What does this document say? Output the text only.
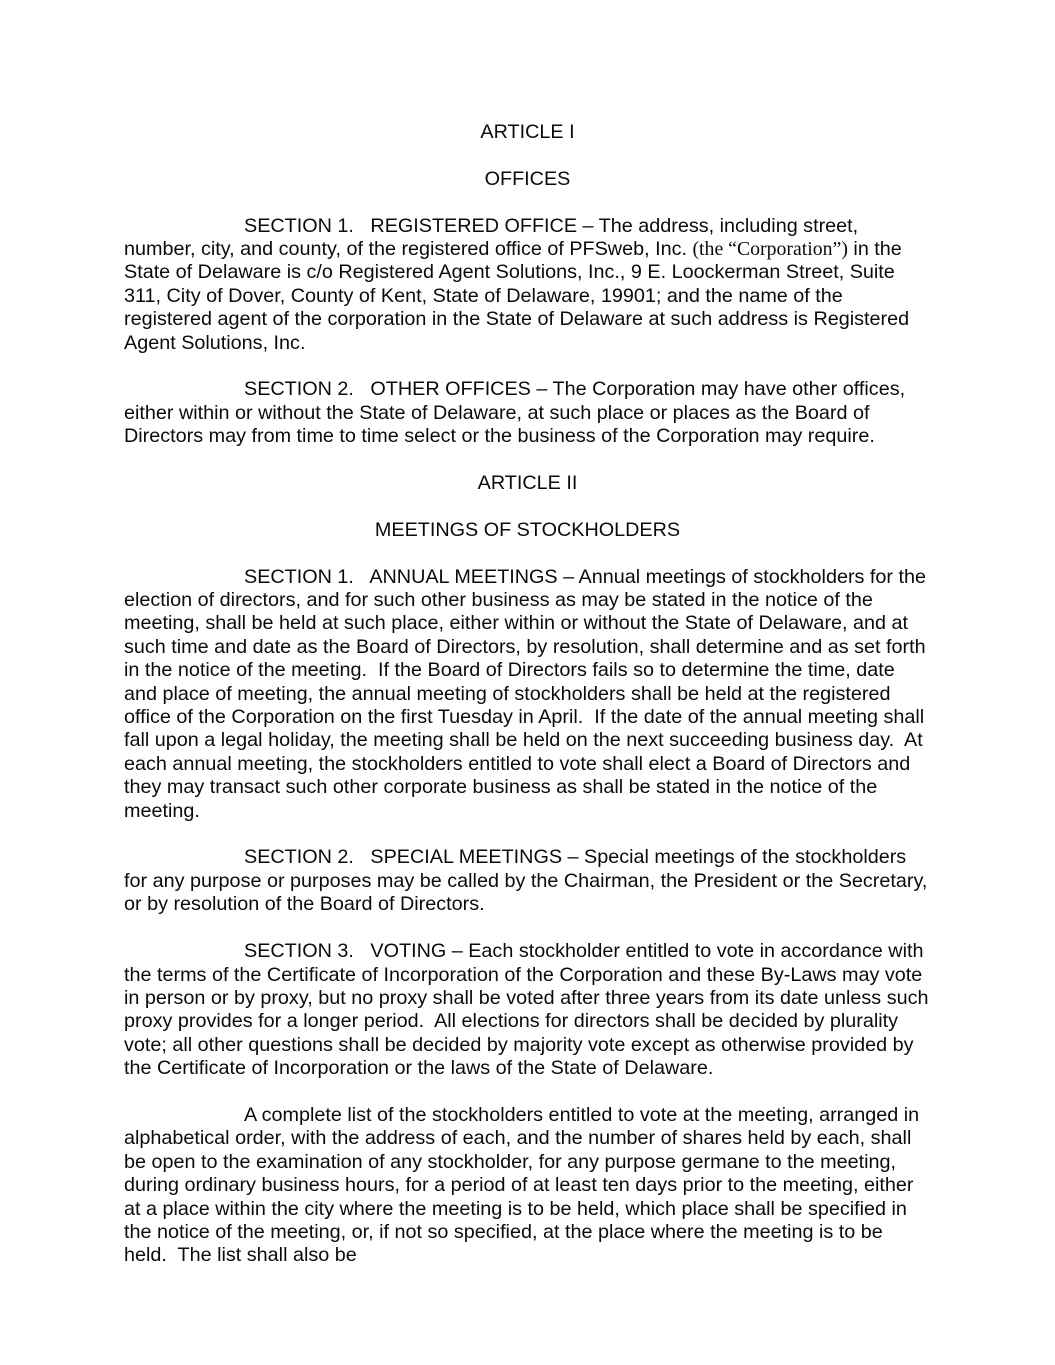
ARTICLE I

OFFICES

SECTION 1.   REGISTERED OFFICE – The address, including street, number, city, and county, of the registered office of PFSweb, Inc. (the “Corporation”) in the State of Delaware is c/o Registered Agent Solutions, Inc., 9 E. Loockerman Street, Suite 311, City of Dover, County of Kent, State of Delaware, 19901; and the name of the registered agent of the corporation in the State of Delaware at such address is Registered Agent Solutions, Inc.

SECTION 2.   OTHER OFFICES – The Corporation may have other offices, either within or without the State of Delaware, at such place or places as the Board of Directors may from time to time select or the business of the Corporation may require.

ARTICLE II

MEETINGS OF STOCKHOLDERS

SECTION 1.   ANNUAL MEETINGS – Annual meetings of stockholders for the election of directors, and for such other business as may be stated in the notice of the meeting, shall be held at such place, either within or without the State of Delaware, and at such time and date as the Board of Directors, by resolution, shall determine and as set forth in the notice of the meeting.  If the Board of Directors fails so to determine the time, date and place of meeting, the annual meeting of stockholders shall be held at the registered office of the Corporation on the first Tuesday in April.  If the date of the annual meeting shall fall upon a legal holiday, the meeting shall be held on the next succeeding business day.  At each annual meeting, the stockholders entitled to vote shall elect a Board of Directors and they may transact such other corporate business as shall be stated in the notice of the meeting.

SECTION 2.   SPECIAL MEETINGS – Special meetings of the stockholders for any purpose or purposes may be called by the Chairman, the President or the Secretary, or by resolution of the Board of Directors.

SECTION 3.   VOTING – Each stockholder entitled to vote in accordance with the terms of the Certificate of Incorporation of the Corporation and these By-Laws may vote in person or by proxy, but no proxy shall be voted after three years from its date unless such proxy provides for a longer period.  All elections for directors shall be decided by plurality vote; all other questions shall be decided by majority vote except as otherwise provided by the Certificate of Incorporation or the laws of the State of Delaware.

A complete list of the stockholders entitled to vote at the meeting, arranged in alphabetical order, with the address of each, and the number of shares held by each, shall be open to the examination of any stockholder, for any purpose germane to the meeting, during ordinary business hours, for a period of at least ten days prior to the meeting, either at a place within the city where the meeting is to be held, which place shall be specified in the notice of the meeting, or, if not so specified, at the place where the meeting is to be held.  The list shall also be
